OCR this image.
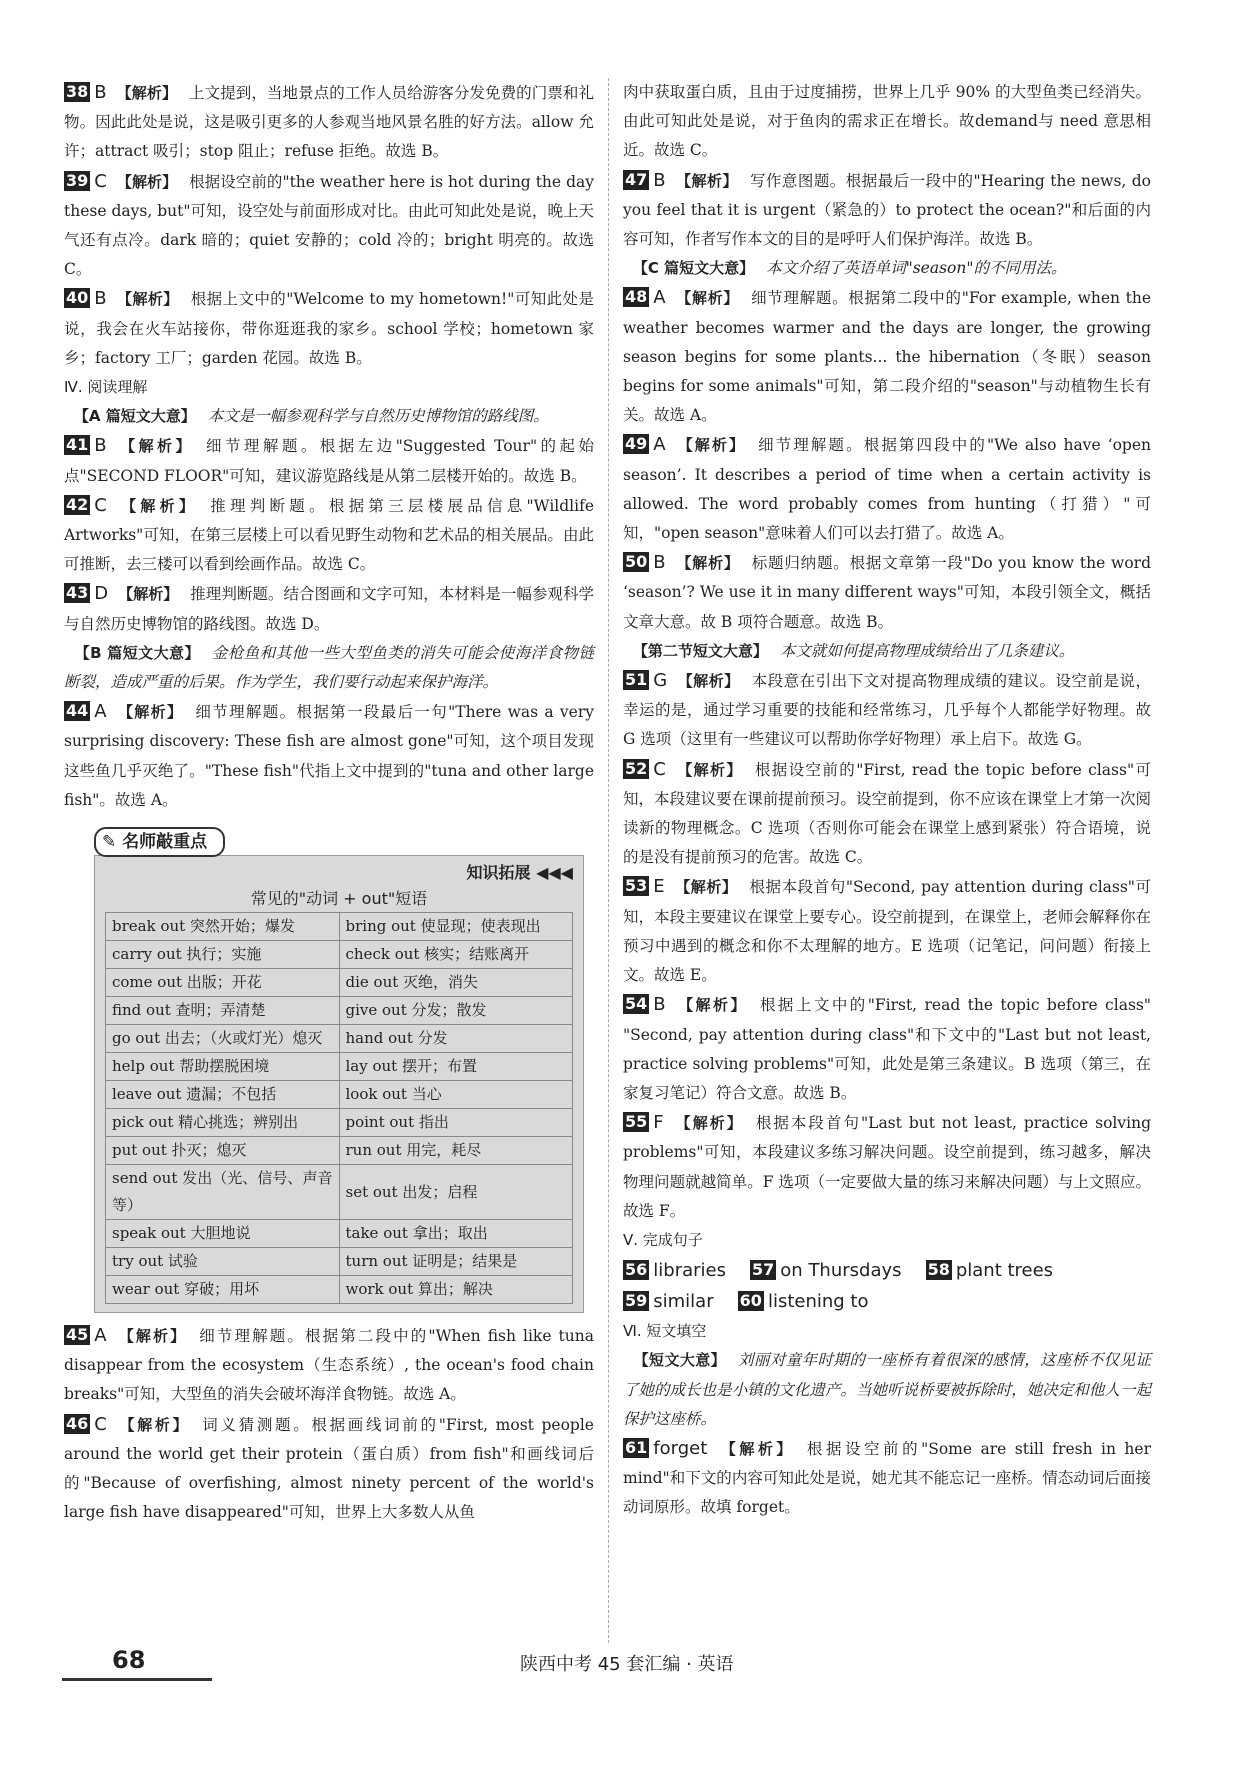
38 B 【解析】 上文提到，当地景点的工作人员给游客分发免费的门票和礼物。因此此处是说，这是吸引更多的人参观当地风景名胜的好方法。allow 允许；attract 吸引；stop 阻止；refuse 拒绝。故选 B。

39 C 【解析】 根据设空前的"the weather here is hot during the day these days, but"可知，设空处与前面形成对比。由此可知此处是说，晚上天气还有点冷。dark 暗的；quiet 安静的；cold 冷的；bright 明亮的。故选 C。

40 B 【解析】 根据上文中的"Welcome to my hometown!"可知此处是说，我会在火车站接你，带你逛逛我的家乡。school 学校；hometown 家乡；factory 工厂；garden 花园。故选 B。

Ⅳ. 阅读理解

【A 篇短文大意】 本文是一幅参观科学与自然历史博物馆的路线图。

41 B 【解析】 细节理解题。根据左边"Suggested Tour"的起始点"SECOND FLOOR"可知，建议游览路线是从第二层楼开始的。故选 B。

42 C 【解析】 推理判断题。根据第三层楼展品信息"Wildlife Artworks"可知，在第三层楼上可以看见野生动物和艺术品的相关展品。由此可推断，去三楼可以看到绘画作品。故选 C。

43 D 【解析】 推理判断题。结合图画和文字可知，本材料是一幅参观科学与自然历史博物馆的路线图。故选 D。

【B 篇短文大意】 金枪鱼和其他一些大型鱼类的消失可能会使海洋食物链断裂，造成严重的后果。作为学生，我们要行动起来保护海洋。

44 A 【解析】 细节理解题。根据第一段最后一句"There was a very surprising discovery: These fish are almost gone"可知，这个项目发现这些鱼几乎灭绝了。"These fish"代指上文中提到的"tuna and other large fish"。故选 A。

✎ 名师敲重点
知识拓展 ◀◀◀
常见的"动词 + out"短语
break out 突然开始；爆发	bring out 使显现；使表现出
carry out 执行；实施	check out 核实；结账离开
come out 出版；开花	die out 灭绝，消失
find out 查明；弄清楚	give out 分发；散发
go out 出去；（火或灯光）熄灭	hand out 分发
help out 帮助摆脱困境	lay out 摆开；布置
leave out 遗漏；不包括	look out 当心
pick out 精心挑选；辨别出	point out 指出
put out 扑灭；熄灭	run out 用完，耗尽
send out 发出（光、信号、声音等）	set out 出发；启程
speak out 大胆地说	take out 拿出；取出
try out 试验	turn out 证明是；结果是
wear out 穿破；用坏	work out 算出；解决

45 A 【解析】 细节理解题。根据第二段中的"When fish like tuna disappear from the ecosystem（生态系统）, the ocean's food chain breaks"可知，大型鱼的消失会破坏海洋食物链。故选 A。

46 C 【解析】 词义猜测题。根据画线词前的"First, most people around the world get their protein（蛋白质）from fish"和画线词后的"Because of overfishing, almost ninety percent of the world's large fish have disappeared"可知，世界上大多数人从鱼

肉中获取蛋白质，且由于过度捕捞，世界上几乎 90% 的大型鱼类已经消失。由此可知此处是说，对于鱼肉的需求正在增长。故demand与 need 意思相近。故选 C。

47 B 【解析】 写作意图题。根据最后一段中的"Hearing the news, do you feel that it is urgent（紧急的）to protect the ocean?"和后面的内容可知，作者写作本文的目的是呼吁人们保护海洋。故选 B。

【C 篇短文大意】 本文介绍了英语单词"season"的不同用法。

48 A 【解析】 细节理解题。根据第二段中的"For example, when the weather becomes warmer and the days are longer, the growing season begins for some plants... the hibernation（冬眠）season begins for some animals"可知，第二段介绍的"season"与动植物生长有关。故选 A。

49 A 【解析】 细节理解题。根据第四段中的"We also have ‘open season’. It describes a period of time when a certain activity is allowed. The word probably comes from hunting（打猎）"可知，"open season"意味着人们可以去打猎了。故选 A。

50 B 【解析】 标题归纳题。根据文章第一段"Do you know the word ‘season’? We use it in many different ways"可知，本段引领全文，概括文章大意。故 B 项符合题意。故选 B。

【第二节短文大意】 本文就如何提高物理成绩给出了几条建议。

51 G 【解析】 本段意在引出下文对提高物理成绩的建议。设空前是说，幸运的是，通过学习重要的技能和经常练习，几乎每个人都能学好物理。故 G 选项（这里有一些建议可以帮助你学好物理）承上启下。故选 G。

52 C 【解析】 根据设空前的"First, read the topic before class"可知，本段建议要在课前提前预习。设空前提到，你不应该在课堂上才第一次阅读新的物理概念。C 选项（否则你可能会在课堂上感到紧张）符合语境，说的是没有提前预习的危害。故选 C。

53 E 【解析】 根据本段首句"Second, pay attention during class"可知，本段主要建议在课堂上要专心。设空前提到，在课堂上，老师会解释你在预习中遇到的概念和你不太理解的地方。E 选项（记笔记，问问题）衔接上文。故选 E。

54 B 【解析】 根据上文中的"First, read the topic before class" "Second, pay attention during class"和下文中的"Last but not least, practice solving problems"可知，此处是第三条建议。B 选项（第三，在家复习笔记）符合文意。故选 B。

55 F 【解析】 根据本段首句"Last but not least, practice solving problems"可知，本段建议多练习解决问题。设空前提到，练习越多，解决物理问题就越简单。F 选项（一定要做大量的练习来解决问题）与上文照应。故选 F。

Ⅴ. 完成句子

56 libraries 57 on Thursdays 58 plant trees

59 similar 60 listening to

Ⅵ. 短文填空

【短文大意】 刘丽对童年时期的一座桥有着很深的感情，这座桥不仅见证了她的成长也是小镇的文化遗产。当她听说桥要被拆除时，她决定和他人一起保护这座桥。

61 forget 【解析】 根据设空前的"Some are still fresh in her mind"和下文的内容可知此处是说，她尤其不能忘记一座桥。情态动词后面接动词原形。故填 forget。

68	陕西中考 45 套汇编 · 英语
